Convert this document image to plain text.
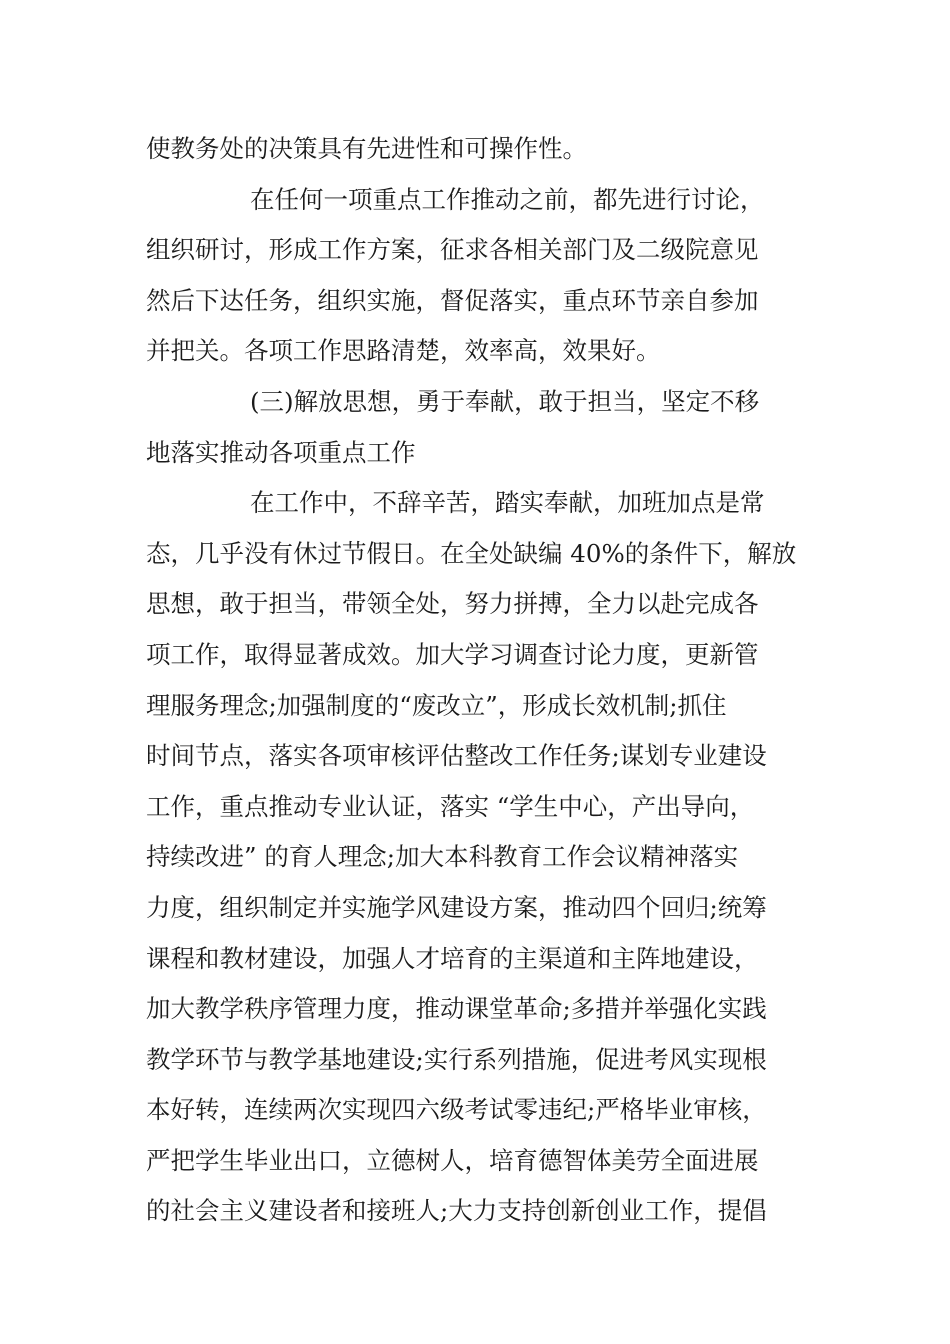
使教务处的决策具有先进性和可操作性。
在任何一项重点工作推动之前，都先进行讨论，
组织研讨，形成工作方案，征求各相关部门及二级院意见
然后下达任务，组织实施，督促落实，重点环节亲自参加
并把关。各项工作思路清楚，效率高，效果好。
(三)解放思想，勇于奉献，敢于担当，坚定不移
地落实推动各项重点工作
在工作中，不辞辛苦，踏实奉献，加班加点是常
态，几乎没有休过节假日。在全处缺编 40%的条件下，解放
思想，敢于担当，带领全处，努力拼搏，全力以赴完成各
项工作，取得显著成效。加大学习调查讨论力度，更新管
理服务理念;加强制度的“废改立”，形成长效机制;抓住
时间节点，落实各项审核评估整改工作任务;谋划专业建设
工作，重点推动专业认证，落实 “学生中心，产出导向，
持续改进” 的育人理念;加大本科教育工作会议精神落实
力度，组织制定并实施学风建设方案，推动四个回归;统筹
课程和教材建设，加强人才培育的主渠道和主阵地建设，
加大教学秩序管理力度，推动课堂革命;多措并举强化实践
教学环节与教学基地建设;实行系列措施，促进考风实现根
本好转，连续两次实现四六级考试零违纪;严格毕业审核，
严把学生毕业出口，立德树人，培育德智体美劳全面进展
的社会主义建设者和接班人;大力支持创新创业工作，提倡
